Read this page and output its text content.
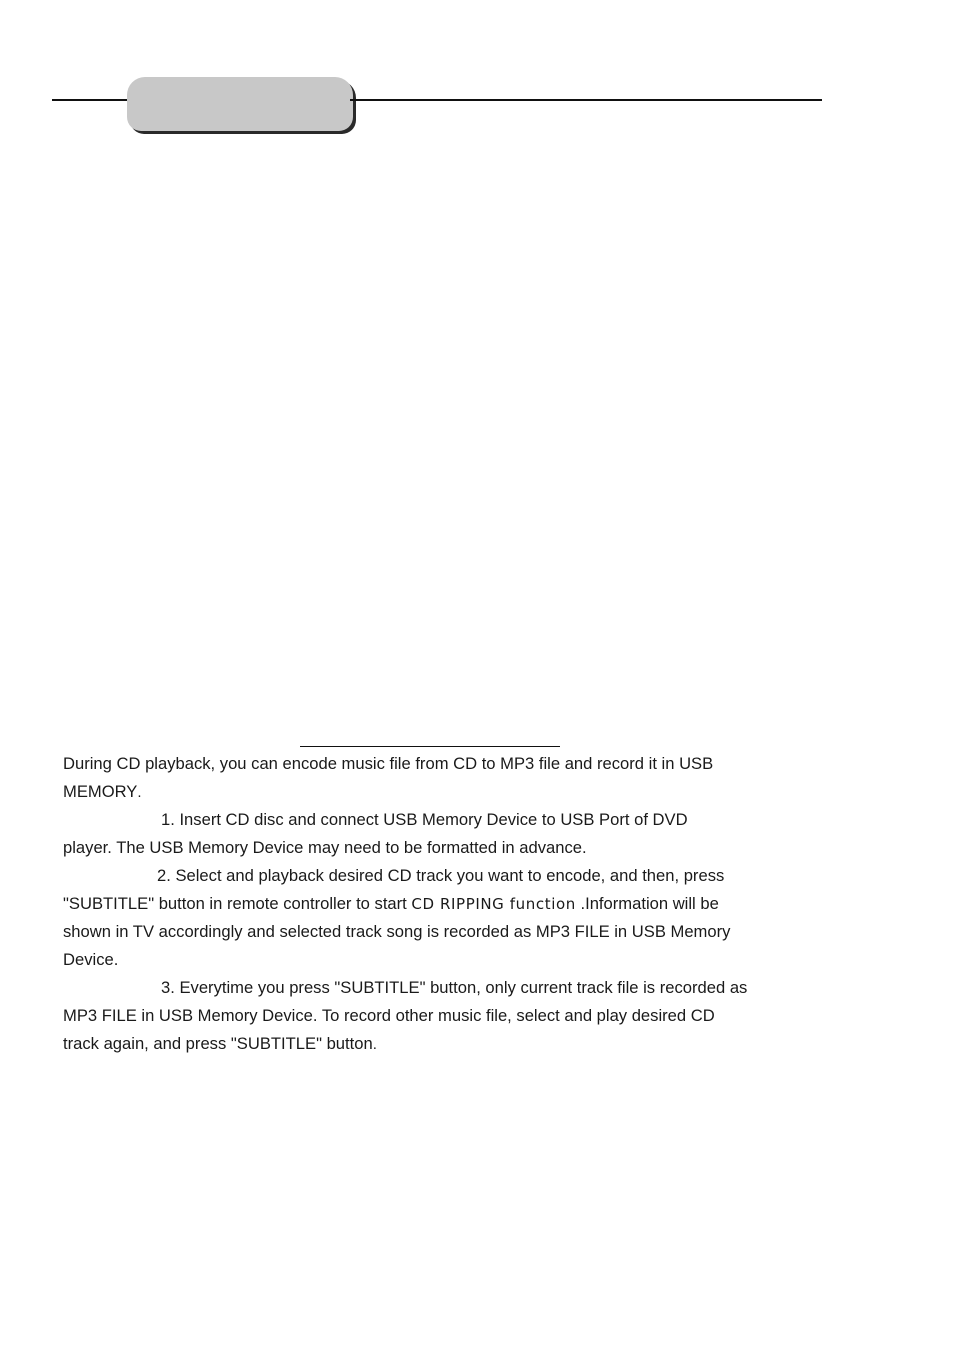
During CD playback, you can encode music file from CD to MP3 file and record it in USB
MEMORY.
1. Insert CD disc and connect USB Memory Device to USB Port of DVD
player. The USB Memory Device may need to be formatted in advance.
2. Select and playback desired CD track you want to encode, and then, press
"SUBTITLE" button in remote controller to start CD RIPPING function .Information will be
shown in TV accordingly and selected track song is recorded as MP3 FILE in USB Memory
Device.
3. Everytime you press "SUBTITLE" button, only current track file is recorded as
MP3 FILE in USB Memory Device. To record other music file, select and play desired CD
track again, and press "SUBTITLE" button.
